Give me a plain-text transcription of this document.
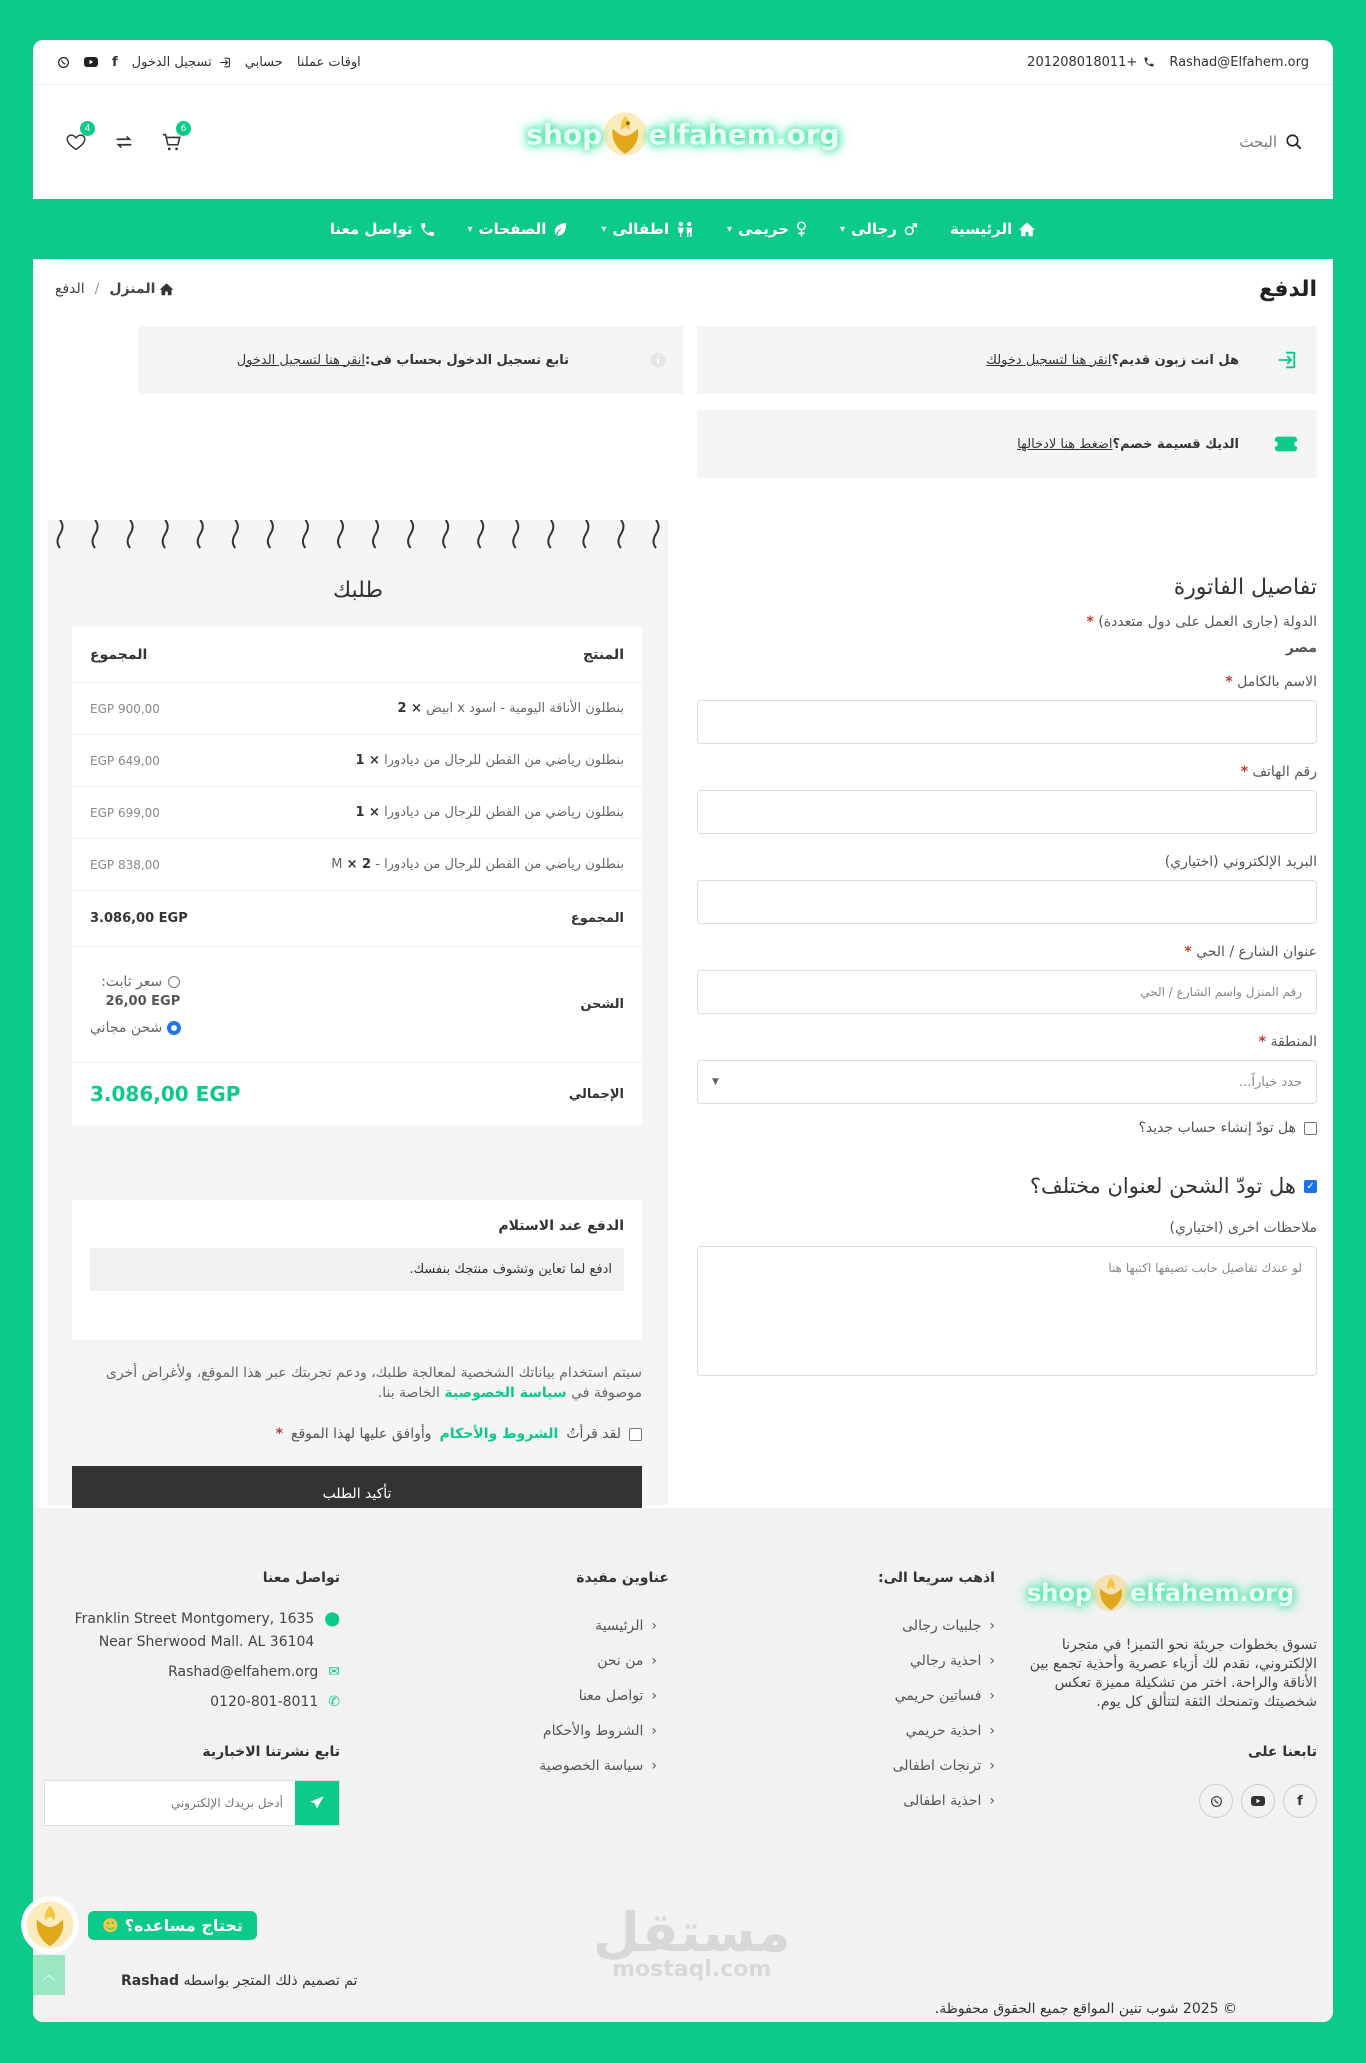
Rashad@Elfahem.org
201208018011+
اوقات عملنا
حسابي
تسجيل الدخول
f
البحث
shop elfahem.org
4	6
الرئيسية
رجالى
▾
حريمى
▾
اطفالى
▾
الصفحات
▾
تواصل معنا
الدفع
المنزل
/
الدفع
هل انت زبون قديم؟
انقر هنا لتسجيل دخولك
الديك قسيمة خصم؟
اضغط هنا لادخالها
تابع تسجيل الدخول بحساب فى:
انقر هنا لتسجيل الدخول
تفاصيل الفاتورة
الدولة (جارى العمل على دول متعددة) *
مصر
الاسم بالكامل *
رقم الهاتف *
البريد الإلكتروني (اختياري)
عنوان الشارع / الحي *
رقم المنزل واسم الشارع / الحي
المنطقة *
حدد خياراً...
▼
هل تودّ إنشاء حساب جديد؟
✓
هل تودّ الشحن لعنوان مختلف؟
ملاحظات اخرى (اختياري)
لو عندك تفاصيل حابب تضيفها اكتبها هنا
طلبك
المنتج
المجموع
بنطلون الأناقة اليومية - اسود x ابيض × 2
900,00 EGP
بنطلون رياضي من القطن للرجال من ديادورا × 1
649,00 EGP
بنطلون رياضي من القطن للرجال من ديادورا × 1
699,00 EGP
بنطلون رياضي من القطن للرجال من ديادورا - M × 2
838,00 EGP
المجموع
3.086,00 EGP
الشحن
سعر ثابت:
26,00 EGP
شحن مجاني
الإجمالي
3.086,00 EGP
الدفع عند الاستلام
ادفع لما تعاين وتشوف منتجك بنفسك.
سيتم استخدام بياناتك الشخصية لمعالجة طلبك، ودعم تجربتك عبر هذا الموقع، ولأغراض أخرى موصوفة في سياسة الخصوصية الخاصة بنا.
لقد قرأتُ
الشروط والأحكام
وأوافق عليها لهذا الموقع
*
تأكيد الطلب
shop elfahem.org

تسوق بخطوات جريئة نحو التميز! في متجرنا الإلكتروني، نقدم لك أزياء عصرية وأحذية تجمع بين الأناقة والراحة. اختر من تشكيلة مميزة تعكس شخصيتك وتمنحك الثقة لتتألق كل يوم.

تابعنا على
f
اذهب سريعا الى:
‹
جلبيات رجالى
‹
احذية رجالي
‹
فساتين حريمي
‹
احذية حريمي
‹
ترنجات اطفالى
‹
احذية اطفالى
عناوين مفيدة
‹
الرئيسية
‹
من نحن
‹
تواصل معنا
‹
الشروط والأحكام
‹
سياسة الخصوصية
تواصل معنا
⬤
Franklin Street Montgomery, 1635
Near Sherwood Mall. AL 36104
✉
Rashad@elfahem.org
✆
0120-801-8011
تابع نشرتنا الاخبارية
أدخل بريدك الإلكتروني
© 2025 شوب تنين المواقع جميع الحقوق محفوظة.
مستقل
mostaql.com
تم تصميم ذلك المتجر بواسطه Rashad
︿
☻ تحتاج مساعده؟
